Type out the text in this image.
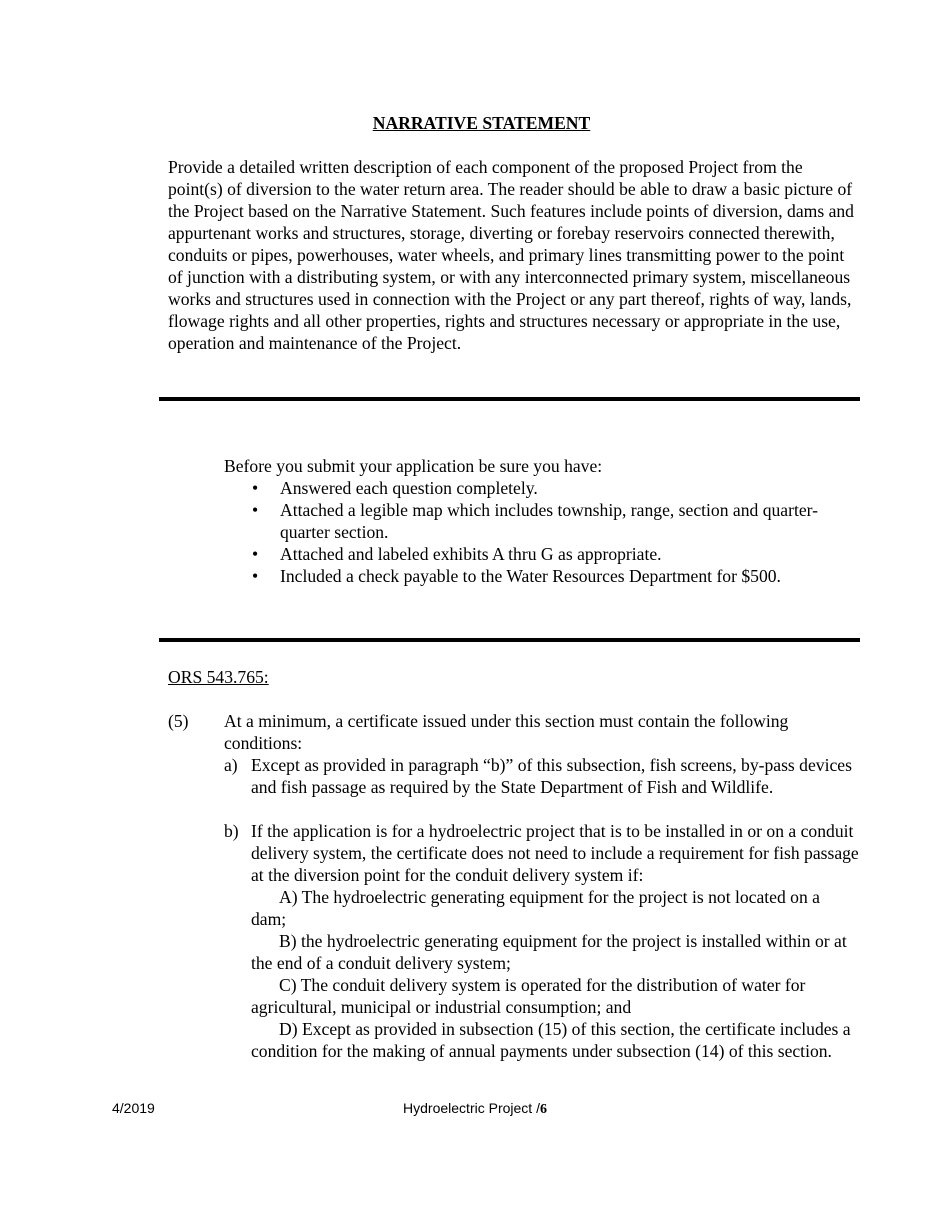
NARRATIVE STATEMENT

Provide a detailed written description of each component of the proposed Project from the point(s) of diversion to the water return area. The reader should be able to draw a basic picture of the Project based on the Narrative Statement. Such features include points of diversion, dams and appurtenant works and structures, storage, diverting or forebay reservoirs connected therewith, conduits or pipes, powerhouses, water wheels, and primary lines transmitting power to the point of junction with a distributing system, or with any interconnected primary system, miscellaneous works and structures used in connection with the Project or any part thereof, rights of way, lands, flowage rights and all other properties, rights and structures necessary or appropriate in the use, operation and maintenance of the Project.

Before you submit your application be sure you have:
• Answered each question completely.
• Attached a legible map which includes township, range, section and quarter-quarter section.
• Attached and labeled exhibits A thru G as appropriate.
• Included a check payable to the Water Resources Department for $500.
ORS 543.765:
(5) At a minimum, a certificate issued under this section must contain the following conditions:

a) Except as provided in paragraph “b)” of this subsection, fish screens, by-pass devices and fish passage as required by the State Department of Fish and Wildlife.
b) If the application is for a hydroelectric project that is to be installed in or on a conduit delivery system, the certificate does not need to include a requirement for fish passage at the diversion point for the conduit delivery system if:

A) The hydroelectric generating equipment for the project is not located on a dam;

B) the hydroelectric generating equipment for the project is installed within or at the end of a conduit delivery system;

C) The conduit delivery system is operated for the distribution of water for agricultural, municipal or industrial consumption; and

D) Except as provided in subsection (15) of this section, the certificate includes a condition for the making of annual payments under subsection (14) of this section.

4/2019	Hydroelectric Project /6
